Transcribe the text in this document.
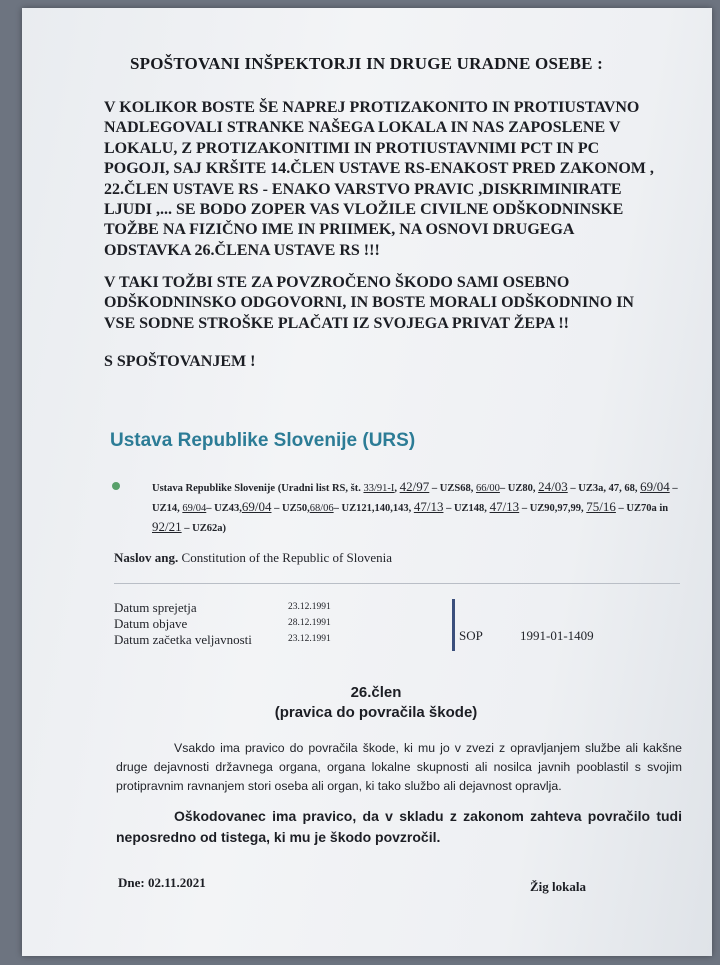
SPOŠTOVANI INŠPEKTORJI IN DRUGE URADNE OSEBE :

V KOLIKOR BOSTE ŠE NAPREJ PROTIZAKONITO IN PROTIUSTAVNO
NADLEGOVALI STRANKE NAŠEGA LOKALA IN NAS ZAPOSLENE V
LOKALU, Z PROTIZAKONITIMI IN PROTIUSTAVNIMI PCT IN PC
POGOJI, SAJ KRŠITE 14.ČLEN USTAVE RS-ENAKOST PRED ZAKONOM ,
22.ČLEN USTAVE RS - ENAKO VARSTVO PRAVIC ,DISKRIMINIRATE
LJUDI ,... SE BODO ZOPER VAS VLOŽILE CIVILNE ODŠKODNINSKE
TOŽBE NA FIZIČNO IME IN PRIIMEK, NA OSNOVI DRUGEGA
ODSTAVKA 26.ČLENA USTAVE RS !!!

V TAKI TOŽBI STE ZA POVZROČENO ŠKODO SAMI OSEBNO
ODŠKODNINSKO ODGOVORNI, IN BOSTE MORALI ODŠKODNINO IN
VSE SODNE STROŠKE PLAČATI IZ SVOJEGA PRIVAT ŽEPA !!

S SPOŠTOVANJEM !
Ustava Republike Slovenije (URS)

Ustava Republike Slovenije (Uradni list RS, št. 33/91-I, 42/97 – UZS68, 66/00– UZ80, 24/03 – UZ3a, 47, 68, 69/04 – UZ14, 69/04– UZ43,69/04 – UZ50,68/06– UZ121,140,143, 47/13 – UZ148, 47/13 – UZ90,97,99, 75/16 – UZ70a in 92/21 – UZ62a)

Naslov ang. Constitution of the Republic of Slovenia
Datum sprejetja	23.12.1991
Datum objave	28.12.1991
Datum začetka veljavnosti	23.12.1991	SOP	1991-01-1409
26.člen
(pravica do povračila škode)

Vsakdo ima pravico do povračila škode, ki mu jo v zvezi z opravljanjem službe ali kakšne druge dejavnosti državnega organa, organa lokalne skupnosti ali nosilca javnih pooblastil s svojim protipravnim ravnanjem stori oseba ali organ, ki tako službo ali dejavnost opravlja.

Oškodovanec ima pravico, da v skladu z zakonom zahteva povračilo tudi neposredno od tistega, ki mu je škodo povzročil.

Dne: 02.11.2021	Žig lokala
